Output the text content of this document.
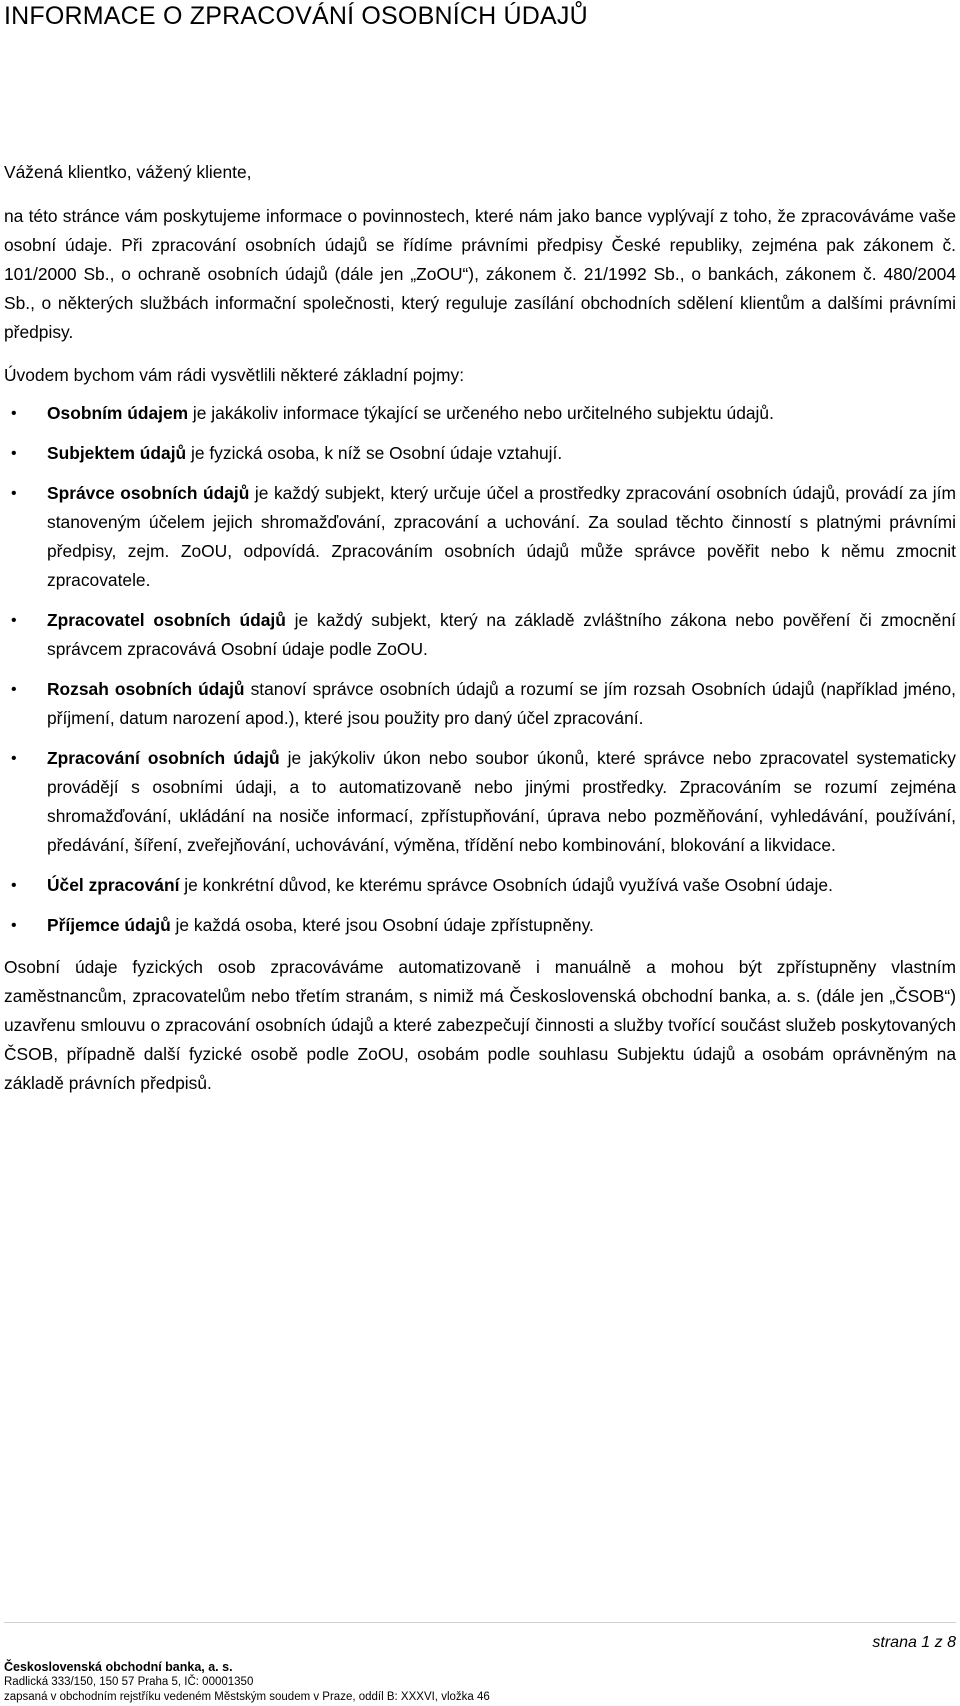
INFORMACE O ZPRACOVÁNÍ OSOBNÍCH ÚDAJŮ

Vážená klientko, vážený kliente,

na této stránce vám poskytujeme informace o povinnostech, které nám jako bance vyplývají z toho, že zpracováváme vaše osobní údaje. Při zpracování osobních údajů se řídíme právními předpisy České republiky, zejména pak zákonem č. 101/2000 Sb., o ochraně osobních údajů (dále jen „ZoOU“), zákonem č. 21/1992 Sb., o bankách, zákonem č. 480/2004 Sb., o některých službách informační společnosti, který reguluje zasílání obchodních sdělení klientům a dalšími právními předpisy.

Úvodem bychom vám rádi vysvětlili některé základní pojmy:

• Osobním údajem je jakákoliv informace týkající se určeného nebo určitelného subjektu údajů.
• Subjektem údajů je fyzická osoba, k níž se Osobní údaje vztahují.
• Správce osobních údajů je každý subjekt, který určuje účel a prostředky zpracování osobních údajů, provádí za jím stanoveným účelem jejich shromažďování, zpracování a uchování. Za soulad těchto činností s platnými právními předpisy, zejm. ZoOU, odpovídá. Zpracováním osobních údajů může správce pověřit nebo k němu zmocnit zpracovatele.
• Zpracovatel osobních údajů je každý subjekt, který na základě zvláštního zákona nebo pověření či zmocnění správcem zpracovává Osobní údaje podle ZoOU.
• Rozsah osobních údajů stanoví správce osobních údajů a rozumí se jím rozsah Osobních údajů (například jméno, příjmení, datum narození apod.), které jsou použity pro daný účel zpracování.
• Zpracování osobních údajů je jakýkoliv úkon nebo soubor úkonů, které správce nebo zpracovatel systematicky provádějí s osobními údaji, a to automatizovaně nebo jinými prostředky. Zpracováním se rozumí zejména shromažďování, ukládání na nosiče informací, zpřístupňování, úprava nebo pozměňování, vyhledávání, používání, předávání, šíření, zveřejňování, uchovávání, výměna, třídění nebo kombinování, blokování a likvidace.
• Účel zpracování je konkrétní důvod, ke kterému správce Osobních údajů využívá vaše Osobní údaje.
• Příjemce údajů je každá osoba, které jsou Osobní údaje zpřístupněny.

Osobní údaje fyzických osob zpracováváme automatizovaně i manuálně a mohou být zpřístupněny vlastním zaměstnancům, zpracovatelům nebo třetím stranám, s nimiž má Československá obchodní banka, a. s. (dále jen „ČSOB“) uzavřenu smlouvu o zpracování osobních údajů a které zabezpečují činnosti a služby tvořící součást služeb poskytovaných ČSOB, případně další fyzické osobě podle ZoOU, osobám podle souhlasu Subjektu údajů a osobám oprávněným na základě právních předpisů.

strana 1 z 8
Československá obchodní banka, a. s.
Radlická 333/150, 150 57 Praha 5, IČ: 00001350
zapsaná v obchodním rejstříku vedeném Městským soudem v Praze, oddíl B: XXXVI, vložka 46
